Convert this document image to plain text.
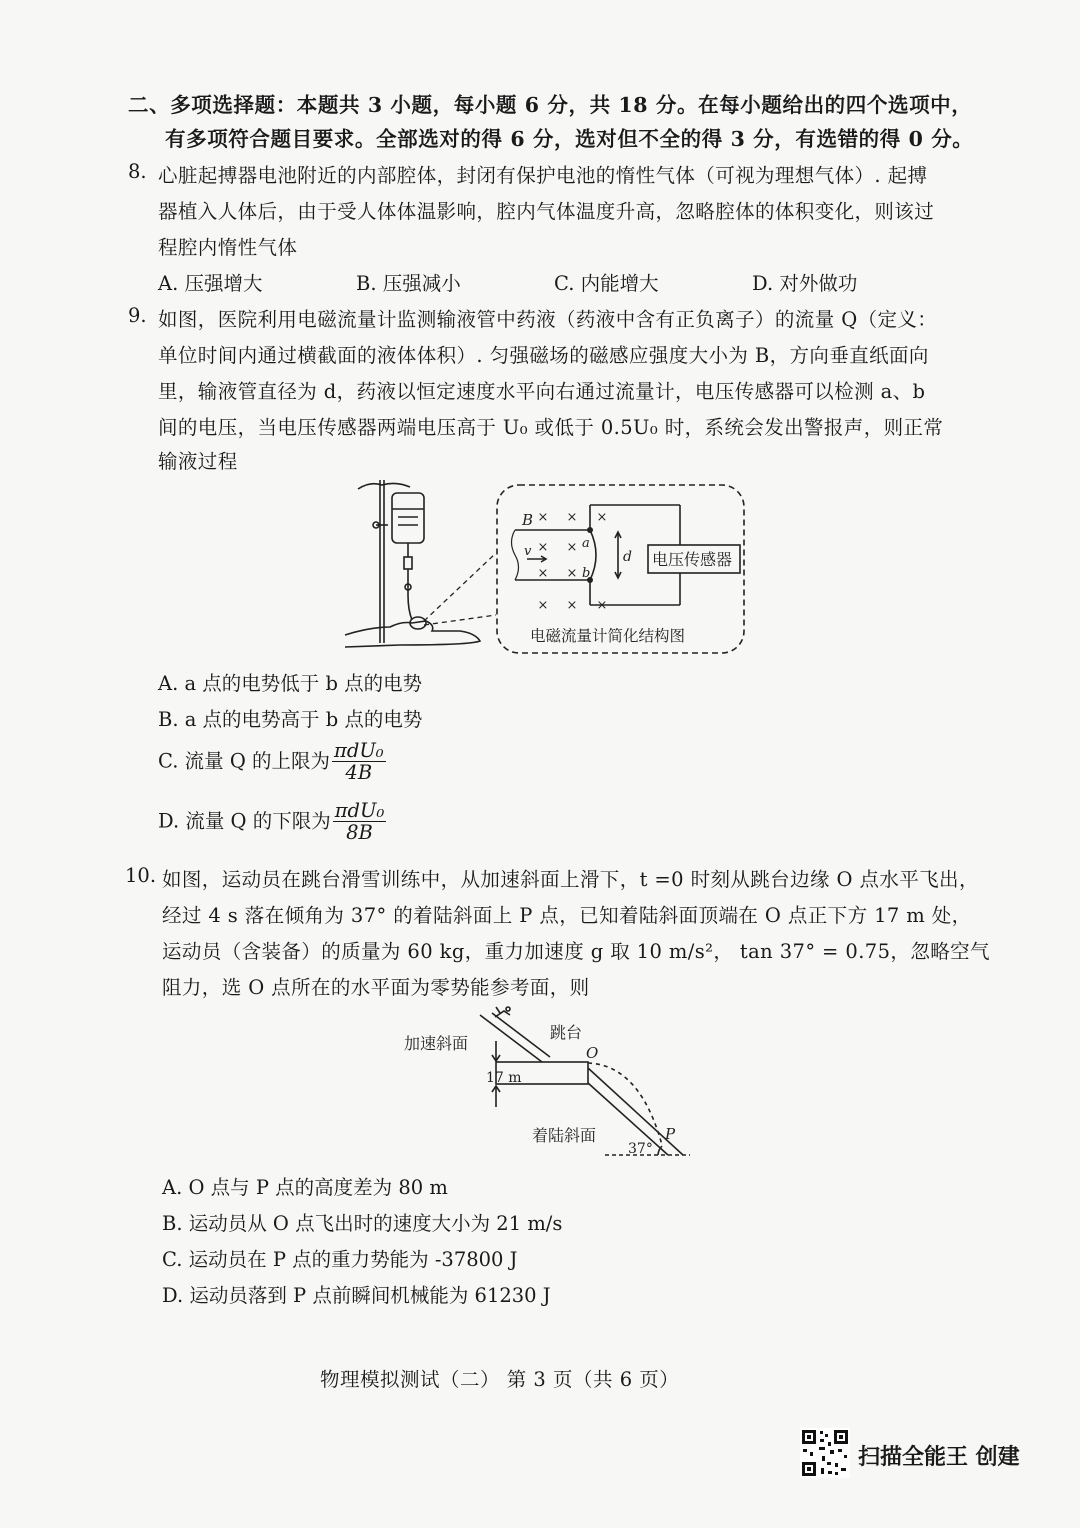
二、多项选择题：本题共 3 小题，每小题 6 分，共 18 分。在每小题给出的四个选项中，
有多项符合题目要求。全部选对的得 6 分，选对但不全的得 3 分，有选错的得 0 分。
8. 心脏起搏器电池附近的内部腔体，封闭有保护电池的惰性气体（可视为理想气体）. 起搏
器植入人体后，由于受人体体温影响，腔内气体温度升高，忽略腔体的体积变化，则该过
程腔内惰性气体
A. 压强增大	B. 压强减小	C. 内能增大	D. 对外做功
9. 如图，医院利用电磁流量计监测输液管中药液（药液中含有正负离子）的流量 Q（定义：
单位时间内通过横截面的液体体积）. 匀强磁场的磁感应强度大小为 B，方向垂直纸面向
里，输液管直径为 d，药液以恒定速度水平向右通过流量计，电压传感器可以检测 a、b
间的电压，当电压传感器两端电压高于 U₀ 或低于 0.5U₀ 时，系统会发出警报声，则正常
输液过程
× × ×
× ×
× ×
× × ×
B
v
a
b
d 电压传感器
电磁流量计简化结构图
A. a 点的电势低于 b 点的电势
B. a 点的电势高于 b 点的电势
C. 流量 Q 的上限为 $\frac{\text{πdU₀}}{4B}$
D. 流量 Q 的下限为 $\frac{\text{πdU₀}}{8B}$
10. 如图，运动员在跳台滑雪训练中，从加速斜面上滑下，t =0 时刻从跳台边缘 O 点水平飞出，
经过 4 s 落在倾角为 37° 的着陆斜面上 P 点，已知着陆斜面顶端在 O 点正下方 17 m 处，
运动员（含装备）的质量为 60 kg，重力加速度 g 取 10 m/s²， tan 37° = 0.75，忽略空气
阻力，选 O 点所在的水平面为零势能参考面，则
加速斜面
跳台
O
17 m
着陆斜面
37°
P
A. O 点与 P 点的高度差为 80 m
B. 运动员从 O 点飞出时的速度大小为 21 m/s
C. 运动员在 P 点的重力势能为 -37800 J
D. 运动员落到 P 点前瞬间机械能为 61230 J
物理模拟测试（二） 第 3 页（共 6 页）
扫描全能王 创建
